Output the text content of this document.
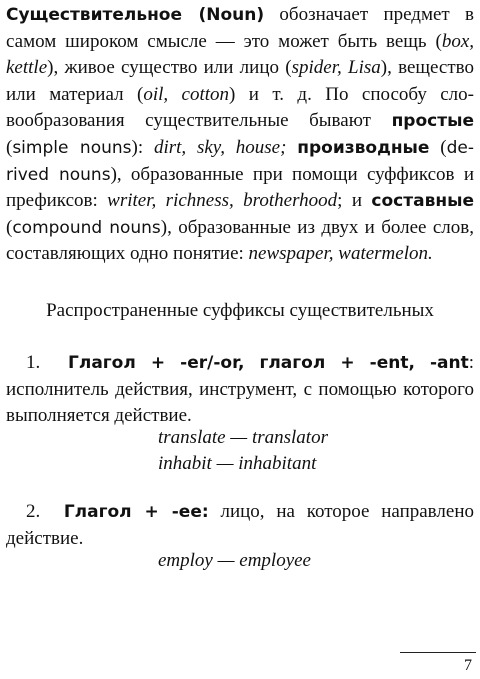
Существительное (Noun) обозначает предмет в самом широком смысле — это может быть вещь (box, kettle), живое существо или лицо (spider, Lisa), вещество или материал (oil, cotton) и т. д. По способу словообразования существительные бывают простые (simple nouns): dirt, sky, house; производные (derived nouns), образованные при помощи суффиксов и префиксов: writer, richness, brotherhood; и составные (compound nouns), образованные из двух и более слов, составляющих одно понятие: newspaper, watermelon.

Распространенные суффиксы существительных

1. Глагол + -er/-or, глагол + -ent, -ant: исполнитель действия, инструмент, с помощью которого выполняется действие.

translate — translator

inhabit — inhabitant

2. Глагол + -ee: лицо, на которое направлено действие.

employ — employee

7
